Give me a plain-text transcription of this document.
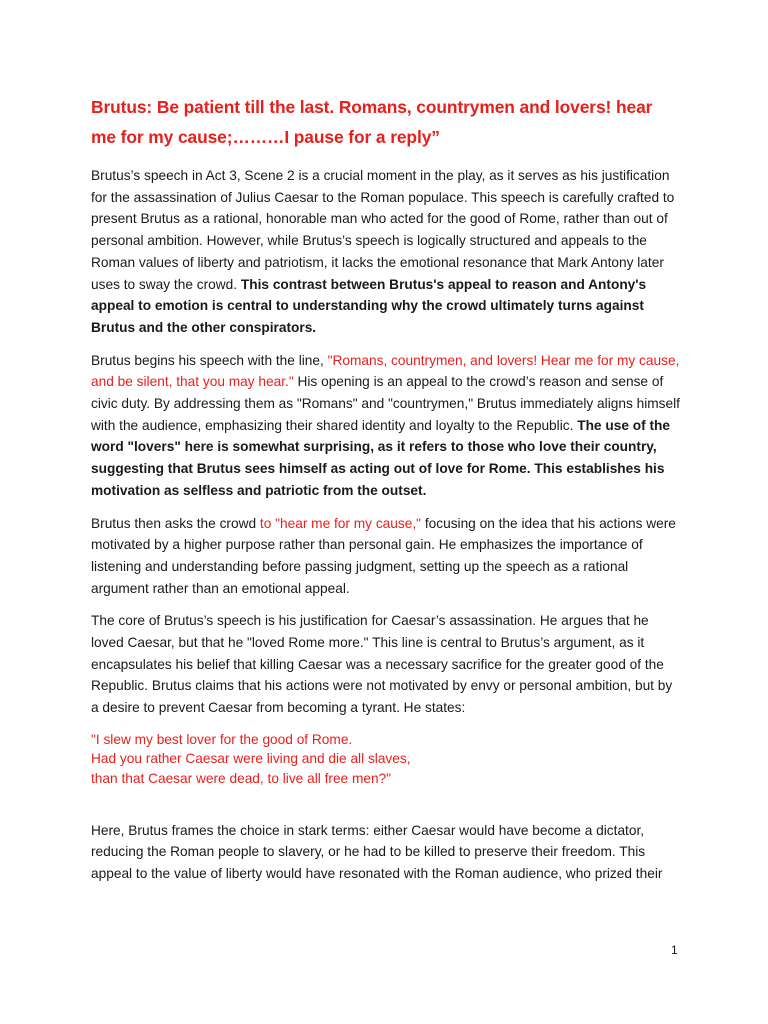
Brutus: Be patient till the last. Romans, countrymen and lovers! hear me for my cause;………I pause for a reply”

Brutus’s speech in Act 3, Scene 2 is a crucial moment in the play, as it serves as his justification for the assassination of Julius Caesar to the Roman populace. This speech is carefully crafted to present Brutus as a rational, honorable man who acted for the good of Rome, rather than out of personal ambition. However, while Brutus’s speech is logically structured and appeals to the Roman values of liberty and patriotism, it lacks the emotional resonance that Mark Antony later uses to sway the crowd. This contrast between Brutus's appeal to reason and Antony's appeal to emotion is central to understanding why the crowd ultimately turns against Brutus and the other conspirators.

Brutus begins his speech with the line, "Romans, countrymen, and lovers! Hear me for my cause, and be silent, that you may hear." His opening is an appeal to the crowd’s reason and sense of civic duty. By addressing them as "Romans" and "countrymen," Brutus immediately aligns himself with the audience, emphasizing their shared identity and loyalty to the Republic. The use of the word "lovers" here is somewhat surprising, as it refers to those who love their country, suggesting that Brutus sees himself as acting out of love for Rome. This establishes his motivation as selfless and patriotic from the outset.

Brutus then asks the crowd to "hear me for my cause," focusing on the idea that his actions were motivated by a higher purpose rather than personal gain. He emphasizes the importance of listening and understanding before passing judgment, setting up the speech as a rational argument rather than an emotional appeal.

The core of Brutus’s speech is his justification for Caesar’s assassination. He argues that he loved Caesar, but that he "loved Rome more." This line is central to Brutus’s argument, as it encapsulates his belief that killing Caesar was a necessary sacrifice for the greater good of the Republic. Brutus claims that his actions were not motivated by envy or personal ambition, but by a desire to prevent Caesar from becoming a tyrant. He states:

"I slew my best lover for the good of Rome.
Had you rather Caesar were living and die all slaves,
than that Caesar were dead, to live all free men?"

Here, Brutus frames the choice in stark terms: either Caesar would have become a dictator, reducing the Roman people to slavery, or he had to be killed to preserve their freedom. This appeal to the value of liberty would have resonated with the Roman audience, who prized their

1
